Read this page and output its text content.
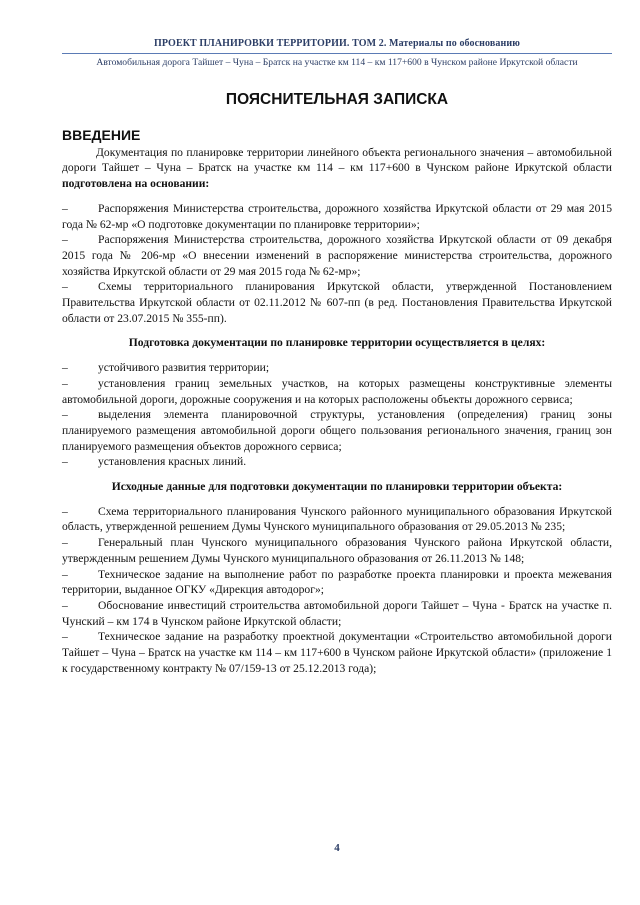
ПРОЕКТ ПЛАНИРОВКИ ТЕРРИТОРИИ. ТОМ 2. Материалы по обоснованию
Автомобильная дорога Тайшет – Чуна – Братск на участке км 114 – км 117+600 в Чунском районе Иркутской области
ПОЯСНИТЕЛЬНАЯ ЗАПИСКА
ВВЕДЕНИЕ

Документация по планировке территории линейного объекта регионального значения – автомобильной дороги Тайшет – Чуна – Братск на участке км 114 – км 117+600 в Чунском районе Иркутской области подготовлена на основании:

–	Распоряжения Министерства строительства, дорожного хозяйства Иркутской области от 29 мая 2015 года № 62-мр «О подготовке документации по планировке территории»;

–	Распоряжения Министерства строительства, дорожного хозяйства Иркутской области от 09 декабря 2015 года № 206-мр «О внесении изменений в распоряжение министерства строительства, дорожного хозяйства Иркутской области от 29 мая 2015 года № 62-мр»;

–	Схемы территориального планирования Иркутской области, утвержденной Постановлением Правительства Иркутской области от 02.11.2012 № 607-пп (в ред. Постановления Правительства Иркутской области от 23.07.2015 № 355-пп).

Подготовка документации по планировке территории осуществляется в целях:

–	устойчивого развития территории;

–	установления границ земельных участков, на которых размещены конструктивные элементы автомобильной дороги, дорожные сооружения и на которых расположены объекты дорожного сервиса;

–	выделения элемента планировочной структуры, установления (определения) границ зоны планируемого размещения автомобильной дороги общего пользования регионального значения, границ зон планируемого размещения объектов дорожного сервиса;

–	установления красных линий.

Исходные данные для подготовки документации по планировки территории объекта:

–	Схема территориального планирования Чунского районного муниципального образования Иркутской область, утвержденной решением Думы Чунского муниципального образования от 29.05.2013 № 235;

–	Генеральный план Чунского муниципального образования Чунского района Иркутской области, утвержденным решением Думы Чунского муниципального образования от 26.11.2013 № 148;

–	Техническое задание на выполнение работ по разработке проекта планировки и проекта межевания территории, выданное ОГКУ «Дирекция автодорог»;

–	Обоснование инвестиций строительства автомобильной дороги Тайшет – Чуна - Братск на участке п. Чунский – км 174 в Чунском районе Иркутской области;

–	Техническое задание на разработку проектной документации «Строительство автомобильной дороги Тайшет – Чуна – Братск на участке км 114 – км 117+600 в Чунском районе Иркутской области» (приложение 1 к государственному контракту № 07/159-13 от 25.12.2013 года);

4
